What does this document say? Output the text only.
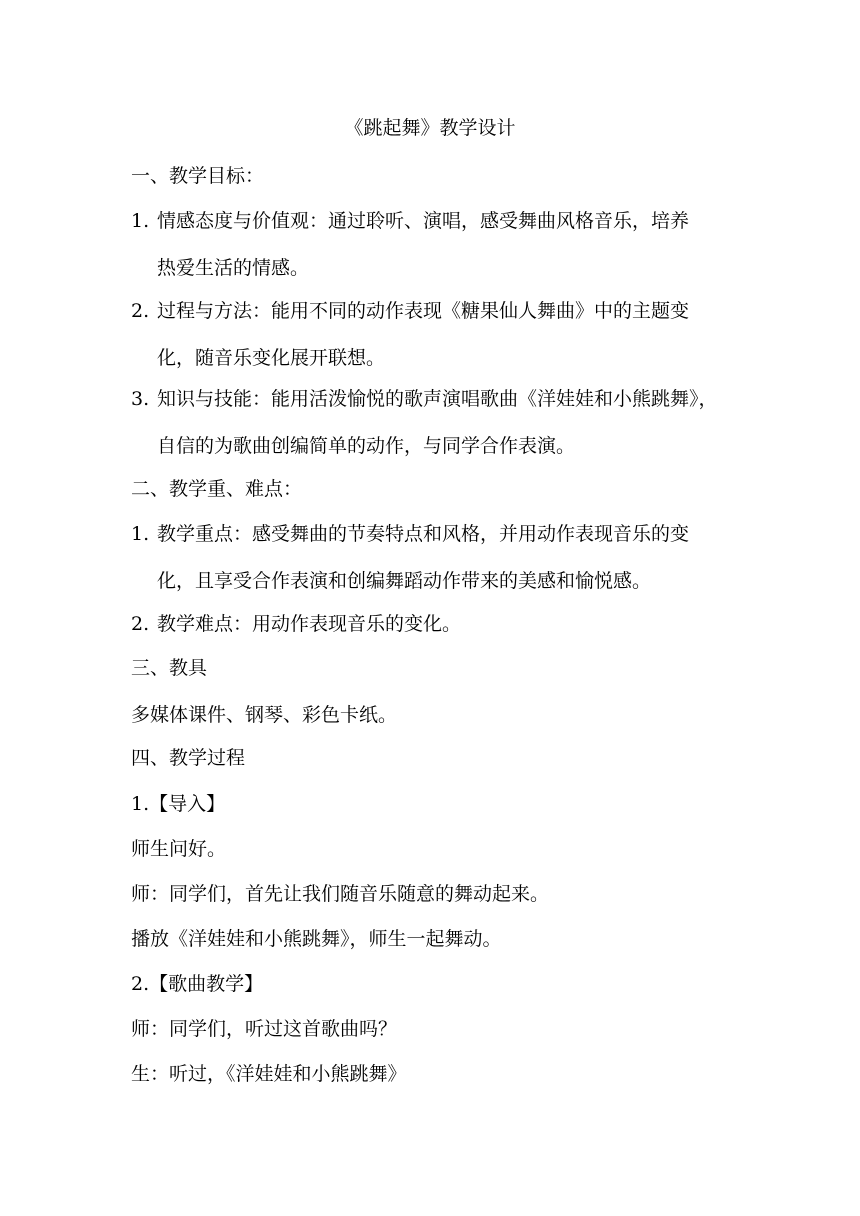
《跳起舞》教学设计
一、教学目标：
1. 情感态度与价值观：通过聆听、演唱，感受舞曲风格音乐，培养
热爱生活的情感。
2. 过程与方法：能用不同的动作表现《糖果仙人舞曲》中的主题变
化，随音乐变化展开联想。
3. 知识与技能：能用活泼愉悦的歌声演唱歌曲《洋娃娃和小熊跳舞》，
自信的为歌曲创编简单的动作，与同学合作表演。
二、教学重、难点：
1. 教学重点：感受舞曲的节奏特点和风格，并用动作表现音乐的变
化，且享受合作表演和创编舞蹈动作带来的美感和愉悦感。
2. 教学难点：用动作表现音乐的变化。
三、教具
多媒体课件、钢琴、彩色卡纸。
四、教学过程
1.【导入】
师生问好。
师：同学们，首先让我们随音乐随意的舞动起来。
播放《洋娃娃和小熊跳舞》，师生一起舞动。
2.【歌曲教学】
师：同学们，听过这首歌曲吗？
生：听过，《洋娃娃和小熊跳舞》
